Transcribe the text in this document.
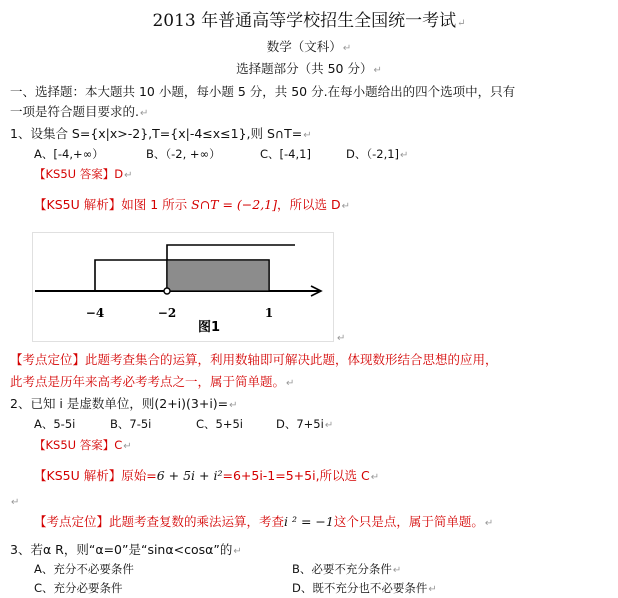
2013 年普通高等学校招生全国统一考试↵
数学（文科）↵
选择题部分（共 50 分）↵
一、选择题：本大题共 10 小题，每小题 5 分，共 50 分.在每小题给出的四个选项中，只有
一项是符合题目要求的.↵
1、设集合 S={x|x>-2},T={x|-4≤x≤1},则 S∩T=↵
A、[-4,+∞）	B、（-2, +∞）	C、[-4,1]	D、（-2,1]↵
【KS5U 答案】D↵
【KS5U 解析】如图 1 所示 S∩T = (−2,1]，所以选 D↵
−4	−2	1
图1
↵
【考点定位】此题考查集合的运算，利用数轴即可解决此题，体现数形结合思想的应用，
此考点是历年来高考必考考点之一，属于简单题。↵
2、已知 i 是虚数单位，则(2+i)(3+i)=↵
A、5-5i	B、7-5i	C、5+5i	D、7+5i↵
【KS5U 答案】C↵
【KS5U 解析】原始=6 + 5i + i²=6+5i-1=5+5i,所以选 C↵
↵
【考点定位】此题考查复数的乘法运算，考查i ² = −1这个只是点，属于简单题。↵
3、若α R，则“α=0”是“sinα<cosα”的↵
A、充分不必要条件	B、必要不充分条件↵
C、充分必要条件	D、既不充分也不必要条件↵
